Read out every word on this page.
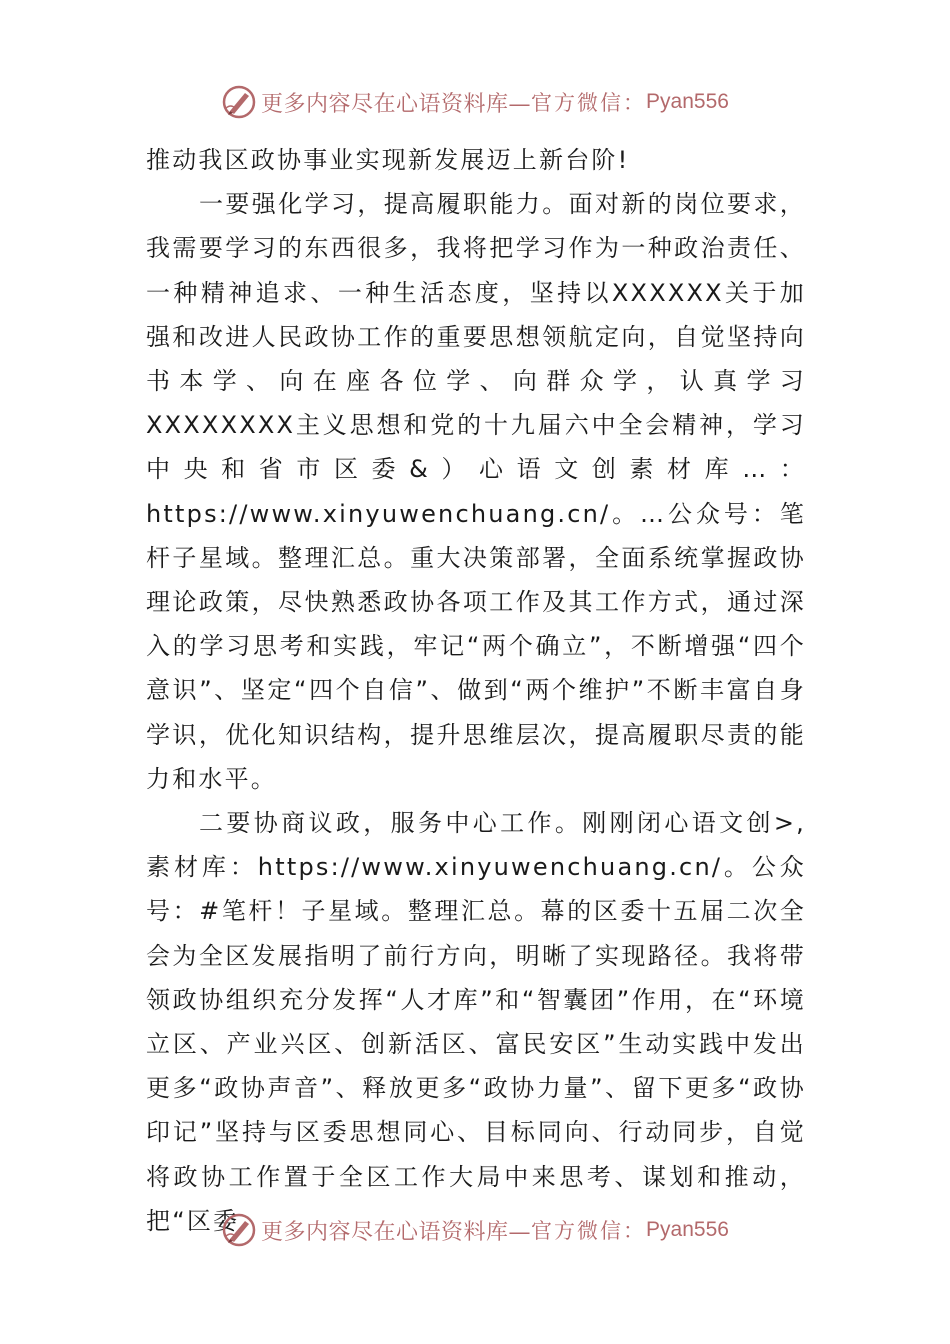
更多内容尽在心语资料库— 官方微信： Pyan556

推动我区政协事业实现新发展迈上新台阶!

一要强化学习，提高履职能力。面对新的岗位要求，我需要学习的东西很多，我将把学习作为一种政治责任、一种精神追求、一种生活态度，坚持以XXXXXX关于加强和改进人民政协工作的重要思想领航定向，自觉坚持向书本学、向在座各位学、向群众学，认真学习XXXXXXXX主义思想和党的十九届六中全会精神，学习中央和省市区委&）心语文创素材库…：https://www.xinyuwenchuang.cn/。…公众号：笔杆子星域。整理汇总。重大决策部署，全面系统掌握政协理论政策，尽快熟悉政协各项工作及其工作方式，通过深入的学习思考和实践，牢记“两个确立”，不断增强“四个意识”、坚定“四个自信”、做到“两个维护”不断丰富自身学识，优化知识结构，提升思维层次，提高履职尽责的能力和水平。

二要协商议政，服务中心工作。刚刚闭心语文创>,素材库：https://www.xinyuwenchuang.cn/。公众号：#笔杆！子星域。整理汇总。幕的区委十五届二次全会为全区发展指明了前行方向，明晰了实现路径。我将带领政协组织充分发挥“人才库”和“智囊团”作用，在“环境立区、产业兴区、创新活区、富民安区”生动实践中发出更多“政协声音”、释放更多“政协力量”、留下更多“政协印记”坚持与区委思想同心、目标同向、行动同步，自觉将政协工作置于全区工作大局中来思考、谋划和推动，把“区委 更多内容尽在心语资料库— 官方微信： Pyan556
